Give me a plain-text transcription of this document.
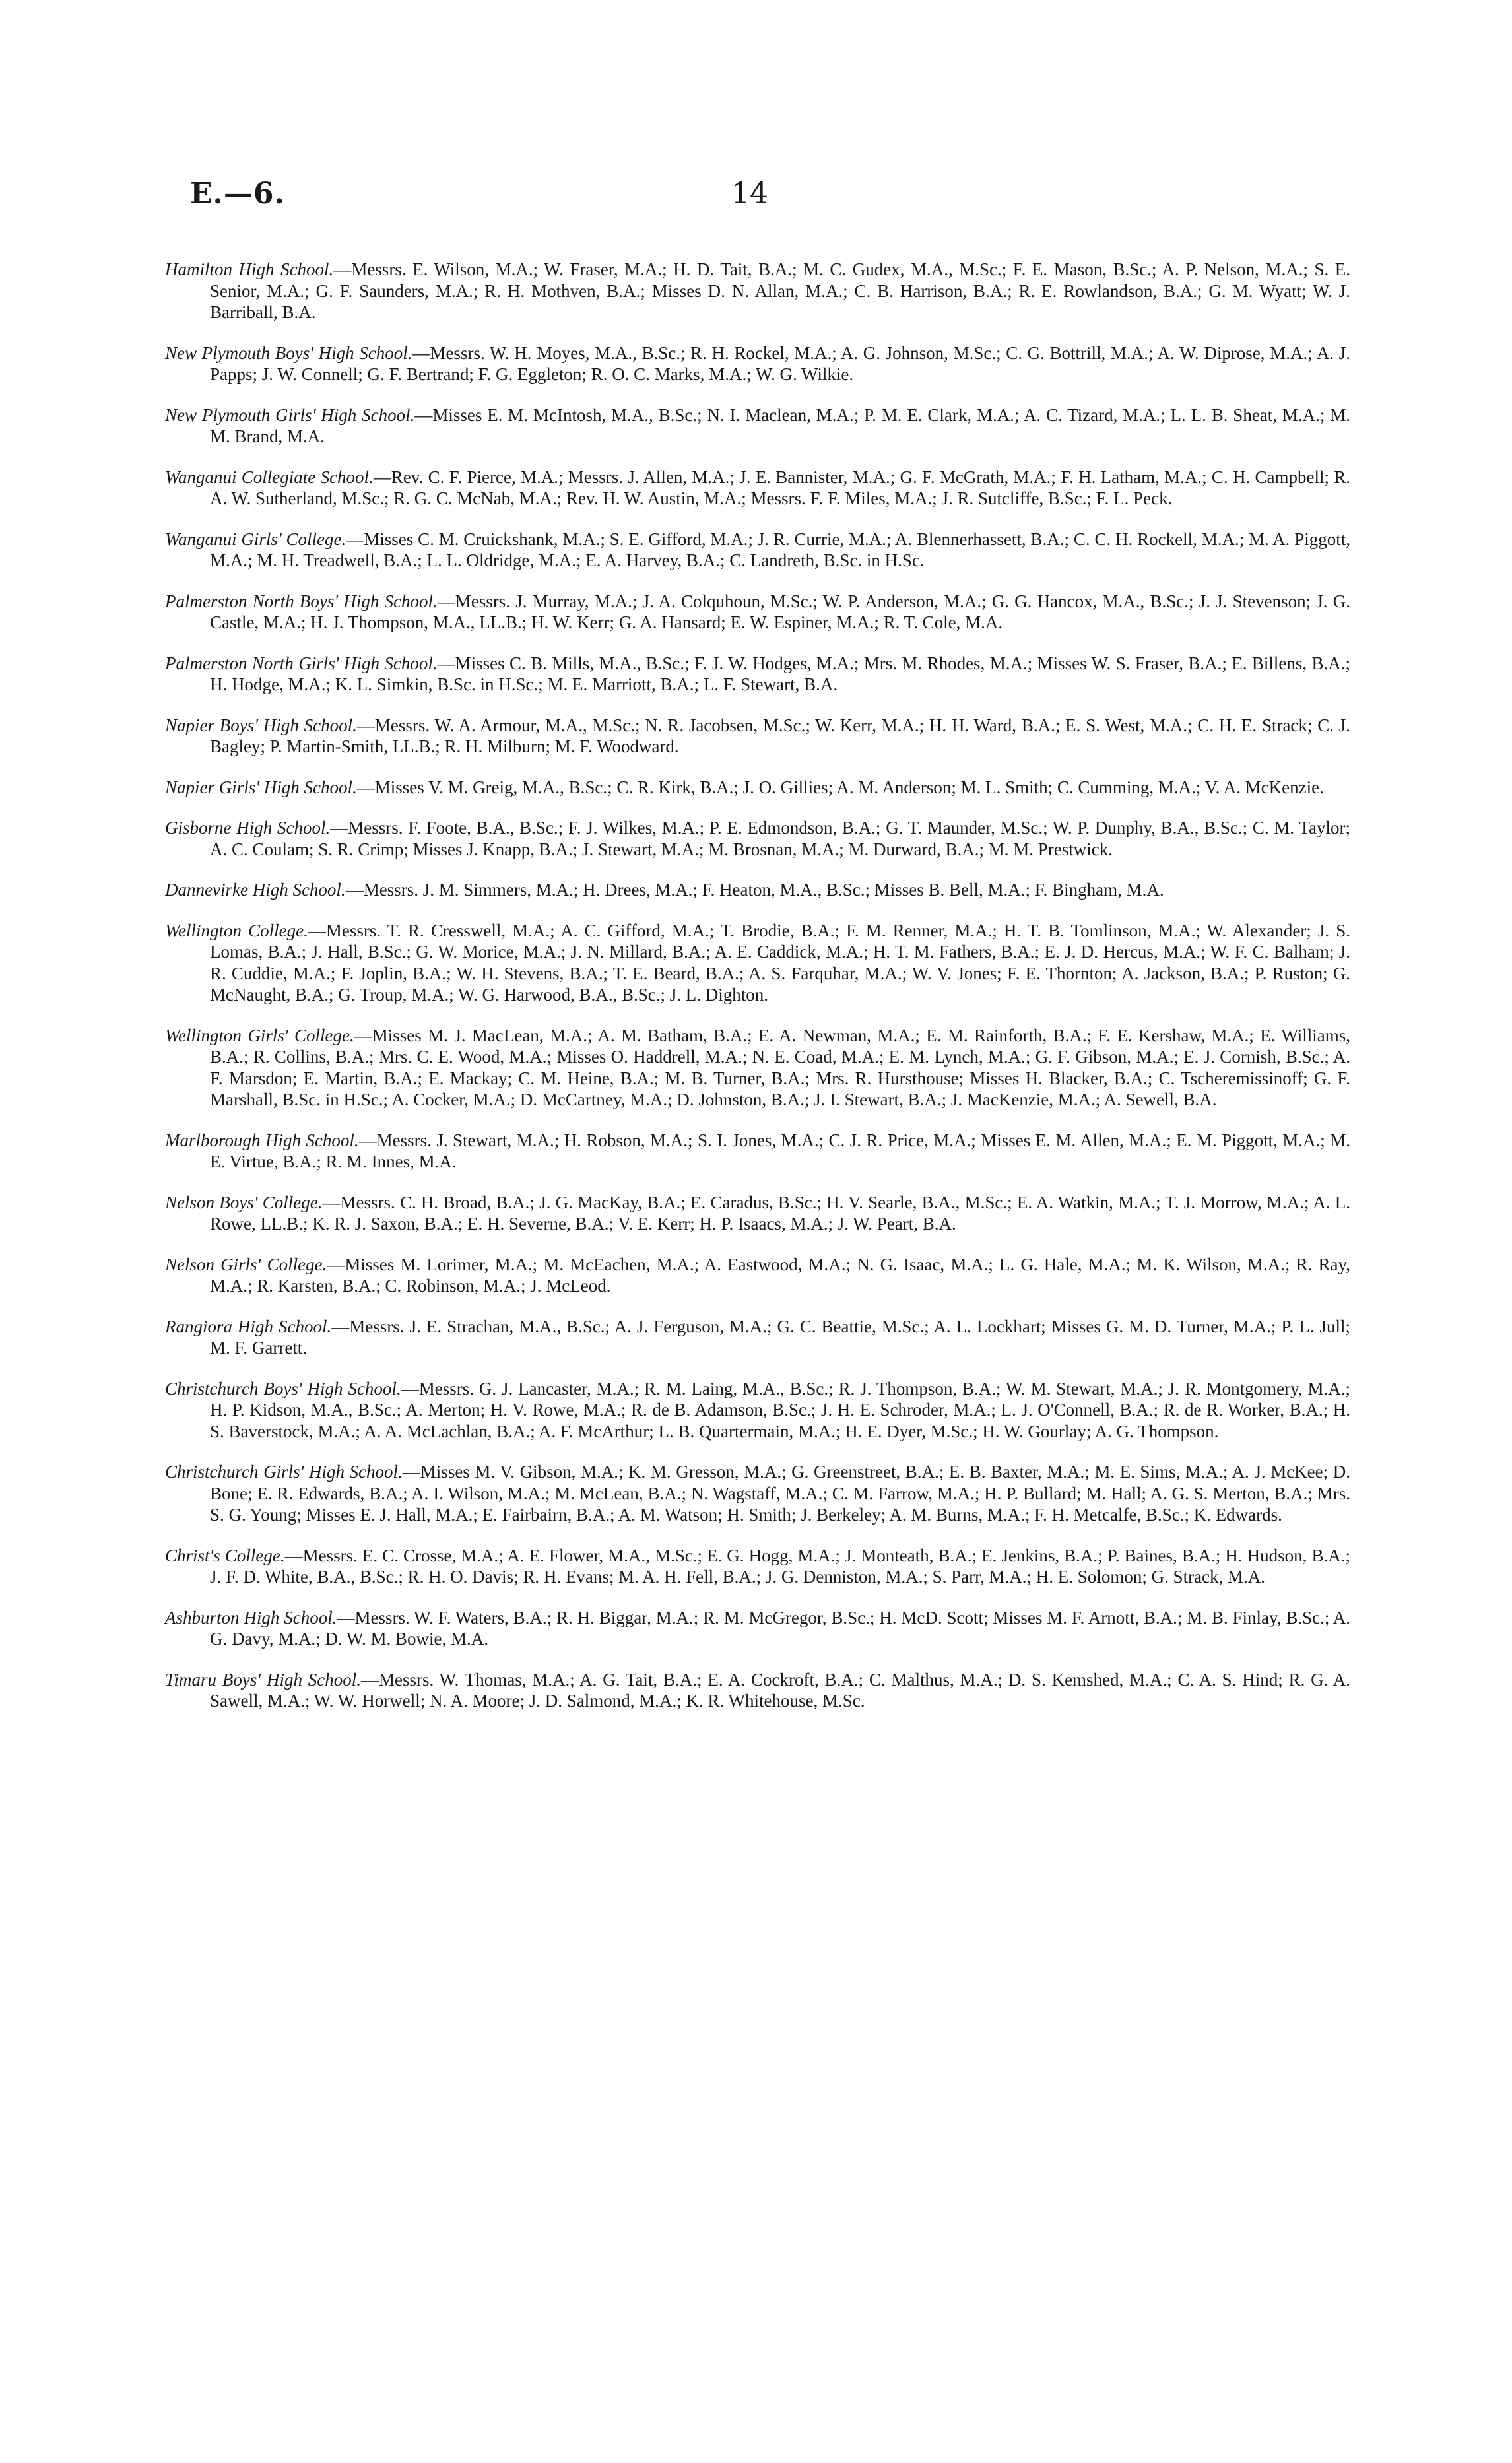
E.—6.	14

Hamilton High School.—Messrs. E. Wilson, M.A.; W. Fraser, M.A.; H. D. Tait, B.A.; M. C. Gudex, M.A., M.Sc.; F. E. Mason, B.Sc.; A. P. Nelson, M.A.; S. E. Senior, M.A.; G. F. Saunders, M.A.; R. H. Mothven, B.A.; Misses D. N. Allan, M.A.; C. B. Harrison, B.A.; R. E. Rowlandson, B.A.; G. M. Wyatt; W. J. Barriball, B.A.

New Plymouth Boys' High School.—Messrs. W. H. Moyes, M.A., B.Sc.; R. H. Rockel, M.A.; A. G. Johnson, M.Sc.; C. G. Bottrill, M.A.; A. W. Diprose, M.A.; A. J. Papps; J. W. Connell; G. F. Bertrand; F. G. Eggleton; R. O. C. Marks, M.A.; W. G. Wilkie.

New Plymouth Girls' High School.—Misses E. M. McIntosh, M.A., B.Sc.; N. I. Maclean, M.A.; P. M. E. Clark, M.A.; A. C. Tizard, M.A.; L. L. B. Sheat, M.A.; M. M. Brand, M.A.

Wanganui Collegiate School.—Rev. C. F. Pierce, M.A.; Messrs. J. Allen, M.A.; J. E. Bannister, M.A.; G. F. McGrath, M.A.; F. H. Latham, M.A.; C. H. Campbell; R. A. W. Sutherland, M.Sc.; R. G. C. McNab, M.A.; Rev. H. W. Austin, M.A.; Messrs. F. F. Miles, M.A.; J. R. Sutcliffe, B.Sc.; F. L. Peck.

Wanganui Girls' College.—Misses C. M. Cruickshank, M.A.; S. E. Gifford, M.A.; J. R. Currie, M.A.; A. Blennerhassett, B.A.; C. C. H. Rockell, M.A.; M. A. Piggott, M.A.; M. H. Treadwell, B.A.; L. L. Oldridge, M.A.; E. A. Harvey, B.A.; C. Landreth, B.Sc. in H.Sc.

Palmerston North Boys' High School.—Messrs. J. Murray, M.A.; J. A. Colquhoun, M.Sc.; W. P. Anderson, M.A.; G. G. Hancox, M.A., B.Sc.; J. J. Stevenson; J. G. Castle, M.A.; H. J. Thompson, M.A., LL.B.; H. W. Kerr; G. A. Hansard; E. W. Espiner, M.A.; R. T. Cole, M.A.

Palmerston North Girls' High School.—Misses C. B. Mills, M.A., B.Sc.; F. J. W. Hodges, M.A.; Mrs. M. Rhodes, M.A.; Misses W. S. Fraser, B.A.; E. Billens, B.A.; H. Hodge, M.A.; K. L. Simkin, B.Sc. in H.Sc.; M. E. Marriott, B.A.; L. F. Stewart, B.A.

Napier Boys' High School.—Messrs. W. A. Armour, M.A., M.Sc.; N. R. Jacobsen, M.Sc.; W. Kerr, M.A.; H. H. Ward, B.A.; E. S. West, M.A.; C. H. E. Strack; C. J. Bagley; P. Martin-Smith, LL.B.; R. H. Milburn; M. F. Woodward.

Napier Girls' High School.—Misses V. M. Greig, M.A., B.Sc.; C. R. Kirk, B.A.; J. O. Gillies; A. M. Anderson; M. L. Smith; C. Cumming, M.A.; V. A. McKenzie.

Gisborne High School.—Messrs. F. Foote, B.A., B.Sc.; F. J. Wilkes, M.A.; P. E. Edmondson, B.A.; G. T. Maunder, M.Sc.; W. P. Dunphy, B.A., B.Sc.; C. M. Taylor; A. C. Coulam; S. R. Crimp; Misses J. Knapp, B.A.; J. Stewart, M.A.; M. Brosnan, M.A.; M. Durward, B.A.; M. M. Prestwick.

Dannevirke High School.—Messrs. J. M. Simmers, M.A.; H. Drees, M.A.; F. Heaton, M.A., B.Sc.; Misses B. Bell, M.A.; F. Bingham, M.A.

Wellington College.—Messrs. T. R. Cresswell, M.A.; A. C. Gifford, M.A.; T. Brodie, B.A.; F. M. Renner, M.A.; H. T. B. Tomlinson, M.A.; W. Alexander; J. S. Lomas, B.A.; J. Hall, B.Sc.; G. W. Morice, M.A.; J. N. Millard, B.A.; A. E. Caddick, M.A.; H. T. M. Fathers, B.A.; E. J. D. Hercus, M.A.; W. F. C. Balham; J. R. Cuddie, M.A.; F. Joplin, B.A.; W. H. Stevens, B.A.; T. E. Beard, B.A.; A. S. Farquhar, M.A.; W. V. Jones; F. E. Thornton; A. Jackson, B.A.; P. Ruston; G. McNaught, B.A.; G. Troup, M.A.; W. G. Harwood, B.A., B.Sc.; J. L. Dighton.

Wellington Girls' College.—Misses M. J. MacLean, M.A.; A. M. Batham, B.A.; E. A. Newman, M.A.; E. M. Rainforth, B.A.; F. E. Kershaw, M.A.; E. Williams, B.A.; R. Collins, B.A.; Mrs. C. E. Wood, M.A.; Misses O. Haddrell, M.A.; N. E. Coad, M.A.; E. M. Lynch, M.A.; G. F. Gibson, M.A.; E. J. Cornish, B.Sc.; A. F. Marsdon; E. Martin, B.A.; E. Mackay; C. M. Heine, B.A.; M. B. Turner, B.A.; Mrs. R. Hursthouse; Misses H. Blacker, B.A.; C. Tscheremissinoff; G. F. Marshall, B.Sc. in H.Sc.; A. Cocker, M.A.; D. McCartney, M.A.; D. Johnston, B.A.; J. I. Stewart, B.A.; J. MacKenzie, M.A.; A. Sewell, B.A.

Marlborough High School.—Messrs. J. Stewart, M.A.; H. Robson, M.A.; S. I. Jones, M.A.; C. J. R. Price, M.A.; Misses E. M. Allen, M.A.; E. M. Piggott, M.A.; M. E. Virtue, B.A.; R. M. Innes, M.A.

Nelson Boys' College.—Messrs. C. H. Broad, B.A.; J. G. MacKay, B.A.; E. Caradus, B.Sc.; H. V. Searle, B.A., M.Sc.; E. A. Watkin, M.A.; T. J. Morrow, M.A.; A. L. Rowe, LL.B.; K. R. J. Saxon, B.A.; E. H. Severne, B.A.; V. E. Kerr; H. P. Isaacs, M.A.; J. W. Peart, B.A.

Nelson Girls' College.—Misses M. Lorimer, M.A.; M. McEachen, M.A.; A. Eastwood, M.A.; N. G. Isaac, M.A.; L. G. Hale, M.A.; M. K. Wilson, M.A.; R. Ray, M.A.; R. Karsten, B.A.; C. Robinson, M.A.; J. McLeod.

Rangiora High School.—Messrs. J. E. Strachan, M.A., B.Sc.; A. J. Ferguson, M.A.; G. C. Beattie, M.Sc.; A. L. Lockhart; Misses G. M. D. Turner, M.A.; P. L. Jull; M. F. Garrett.

Christchurch Boys' High School.—Messrs. G. J. Lancaster, M.A.; R. M. Laing, M.A., B.Sc.; R. J. Thompson, B.A.; W. M. Stewart, M.A.; J. R. Montgomery, M.A.; H. P. Kidson, M.A., B.Sc.; A. Merton; H. V. Rowe, M.A.; R. de B. Adamson, B.Sc.; J. H. E. Schroder, M.A.; L. J. O'Connell, B.A.; R. de R. Worker, B.A.; H. S. Baverstock, M.A.; A. A. McLachlan, B.A.; A. F. McArthur; L. B. Quartermain, M.A.; H. E. Dyer, M.Sc.; H. W. Gourlay; A. G. Thompson.

Christchurch Girls' High School.—Misses M. V. Gibson, M.A.; K. M. Gresson, M.A.; G. Greenstreet, B.A.; E. B. Baxter, M.A.; M. E. Sims, M.A.; A. J. McKee; D. Bone; E. R. Edwards, B.A.; A. I. Wilson, M.A.; M. McLean, B.A.; N. Wagstaff, M.A.; C. M. Farrow, M.A.; H. P. Bullard; M. Hall; A. G. S. Merton, B.A.; Mrs. S. G. Young; Misses E. J. Hall, M.A.; E. Fairbairn, B.A.; A. M. Watson; H. Smith; J. Berkeley; A. M. Burns, M.A.; F. H. Metcalfe, B.Sc.; K. Edwards.

Christ's College.—Messrs. E. C. Crosse, M.A.; A. E. Flower, M.A., M.Sc.; E. G. Hogg, M.A.; J. Monteath, B.A.; E. Jenkins, B.A.; P. Baines, B.A.; H. Hudson, B.A.; J. F. D. White, B.A., B.Sc.; R. H. O. Davis; R. H. Evans; M. A. H. Fell, B.A.; J. G. Denniston, M.A.; S. Parr, M.A.; H. E. Solomon; G. Strack, M.A.

Ashburton High School.—Messrs. W. F. Waters, B.A.; R. H. Biggar, M.A.; R. M. McGregor, B.Sc.; H. McD. Scott; Misses M. F. Arnott, B.A.; M. B. Finlay, B.Sc.; A. G. Davy, M.A.; D. W. M. Bowie, M.A.

Timaru Boys' High School.—Messrs. W. Thomas, M.A.; A. G. Tait, B.A.; E. A. Cockroft, B.A.; C. Malthus, M.A.; D. S. Kemshed, M.A.; C. A. S. Hind; R. G. A. Sawell, M.A.; W. W. Horwell; N. A. Moore; J. D. Salmond, M.A.; K. R. Whitehouse, M.Sc.
